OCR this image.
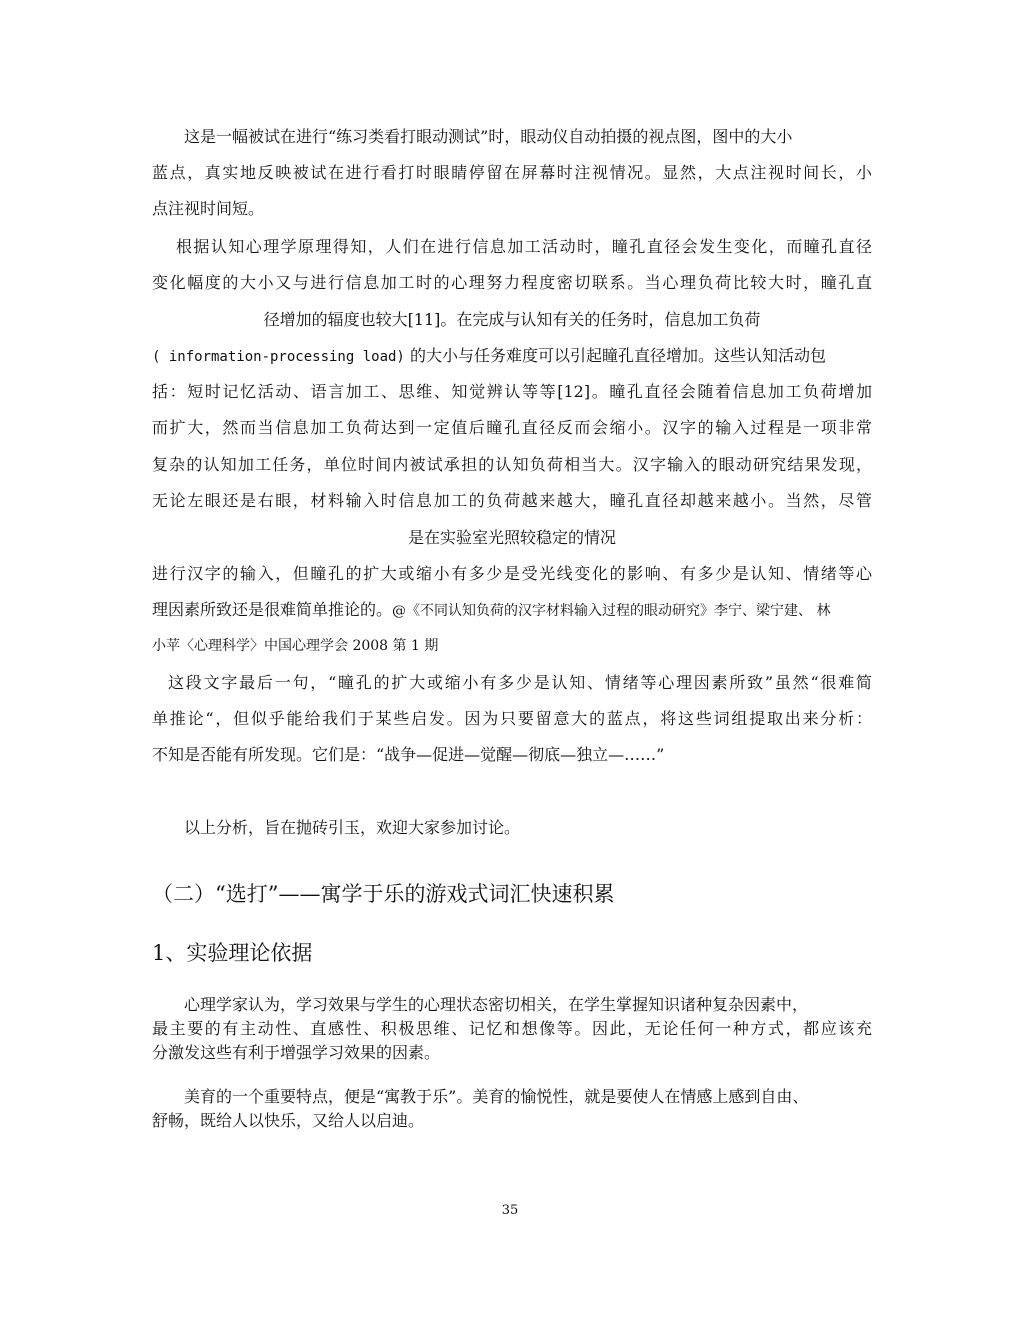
这是一幅被试在进行“练习类看打眼动测试”时，眼动仪自动拍摄的视点图，图中的大小
蓝点，真实地反映被试在进行看打时眼睛停留在屏幕时注视情况。显然，大点注视时间长，小
点注视时间短。
根据认知心理学原理得知，人们在进行信息加工活动时，瞳孔直径会发生变化，而瞳孔直径
变化幅度的大小又与进行信息加工时的心理努力程度密切联系。当心理负荷比较大时，瞳孔直
径增加的辐度也较大[11]。在完成与认知有关的任务时，信息加工负荷
( information-processing load) 的大小与任务难度可以引起瞳孔直径增加。这些认知活动包
括：短时记忆活动、语言加工、思维、知觉辨认等等[12]。瞳孔直径会随着信息加工负荷增加
而扩大，然而当信息加工负荷达到一定值后瞳孔直径反而会缩小。汉字的输入过程是一项非常
复杂的认知加工任务，单位时间内被试承担的认知负荷相当大。汉字输入的眼动研究结果发现，
无论左眼还是右眼，材料输入时信息加工的负荷越来越大，瞳孔直径却越来越小。当然，尽管
是在实验室光照较稳定的情况
进行汉字的输入，但瞳孔的扩大或缩小有多少是受光线变化的影响、有多少是认知、情绪等心
理因素所致还是很难简单推论的。@《不同认知负荷的汉字材料输入过程的眼动研究》李宁、梁宁建、 林
小苹〈心理科学〉中国心理学会 2008 第 1 期
这段文字最后一句，“瞳孔的扩大或缩小有多少是认知、情绪等心理因素所致”虽然“很难简
单推论“，但似乎能给我们于某些启发。因为只要留意大的蓝点，将这些词组提取出来分析：
不知是否能有所发现。它们是：“战争—促进—觉醒—彻底—独立—……”
以上分析，旨在抛砖引玉，欢迎大家参加讨论。
（二）“选打”——寓学于乐的游戏式词汇快速积累
1、实验理论依据
心理学家认为，学习效果与学生的心理状态密切相关，在学生掌握知识诸种复杂因素中，
最主要的有主动性、直感性、积极思维、记忆和想像等。因此，无论任何一种方式，都应该充
分激发这些有利于增强学习效果的因素。
美育的一个重要特点，便是“寓教于乐”。美育的愉悦性，就是要使人在情感上感到自由、
舒畅，既给人以快乐，又给人以启迪。
35
